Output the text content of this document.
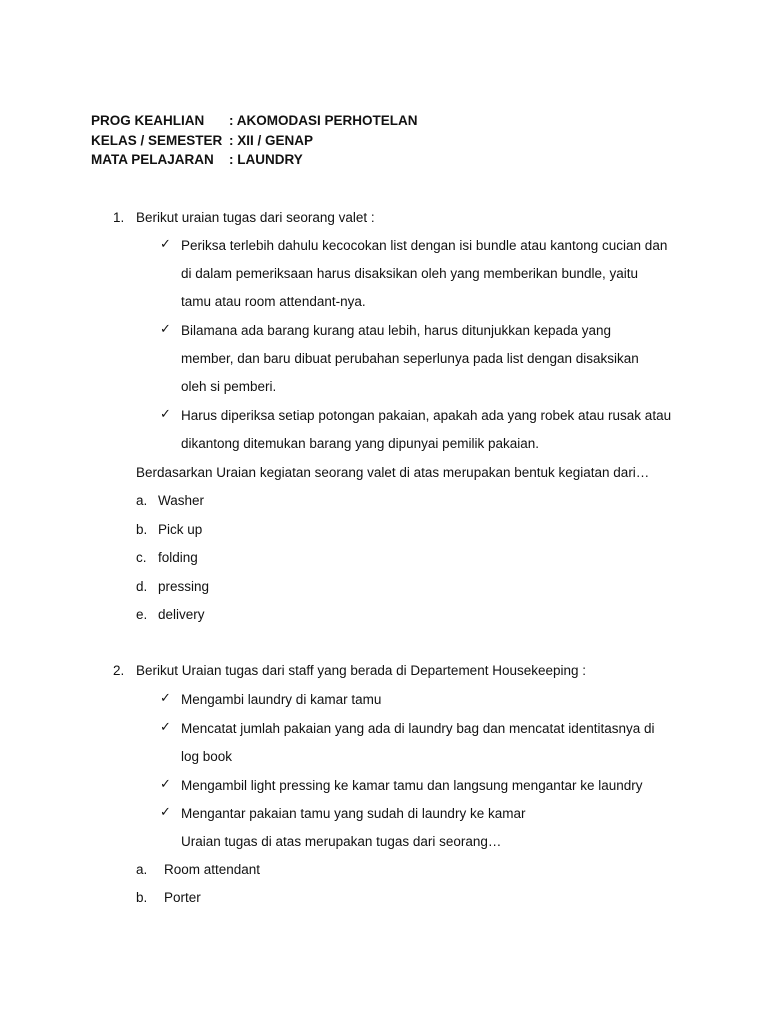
PROG KEAHLIAN : AKOMODASI PERHOTELAN
KELAS / SEMESTER : XII / GENAP
MATA PELAJARAN : LAUNDRY
1. Berikut uraian tugas dari seorang valet :
✓ Periksa terlebih dahulu kecocokan list dengan isi bundle atau kantong cucian dan
di dalam pemeriksaan harus disaksikan oleh yang memberikan bundle, yaitu
tamu atau room attendant-nya.
✓ Bilamana ada barang kurang atau lebih, harus ditunjukkan kepada yang
member, dan baru dibuat perubahan seperlunya pada list dengan disaksikan
oleh si pemberi.
✓ Harus diperiksa setiap potongan pakaian, apakah ada yang robek atau rusak atau
dikantong ditemukan barang yang dipunyai pemilik pakaian.
Berdasarkan Uraian kegiatan seorang valet di atas merupakan bentuk kegiatan dari…
a. Washer
b. Pick up
c. folding
d. pressing
e. delivery
2. Berikut Uraian tugas dari staff yang berada di Departement Housekeeping :
✓ Mengambi laundry di kamar tamu
✓ Mencatat jumlah pakaian yang ada di laundry bag dan mencatat identitasnya di
log book
✓ Mengambil light pressing ke kamar tamu dan langsung mengantar ke laundry
✓ Mengantar pakaian tamu yang sudah di laundry ke kamar
Uraian tugas di atas merupakan tugas dari seorang…
a. Room attendant
b. Porter
